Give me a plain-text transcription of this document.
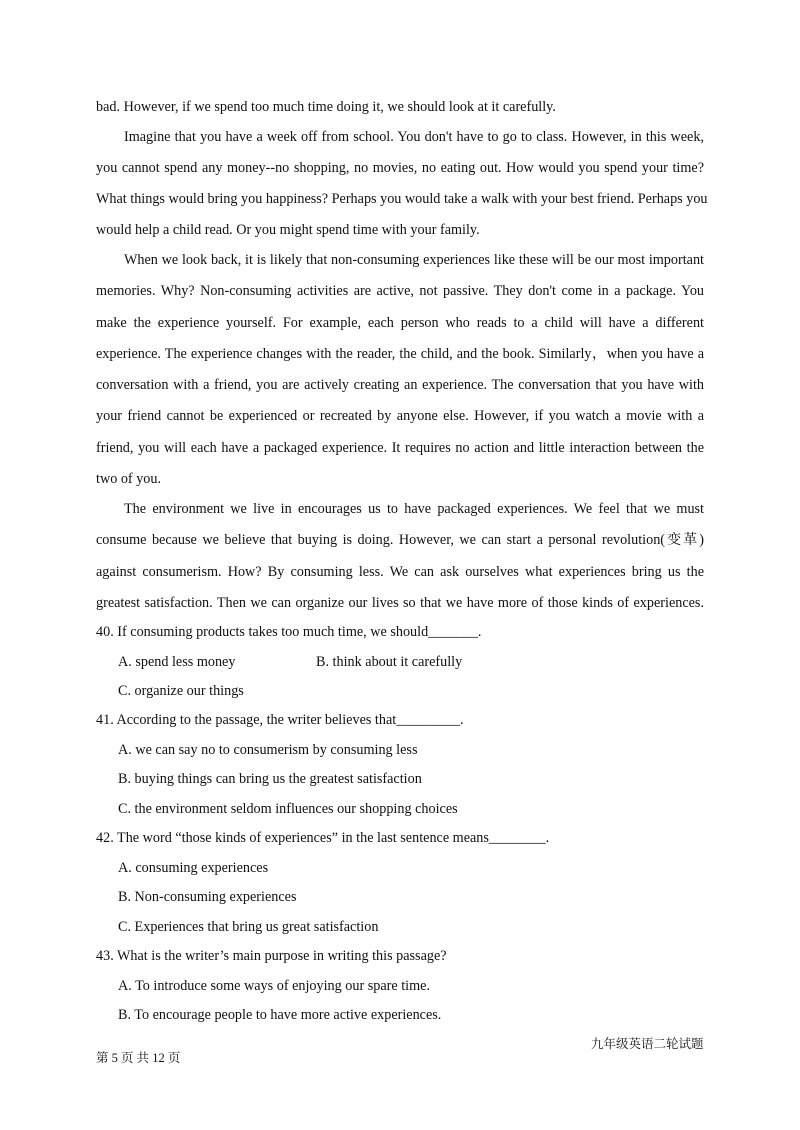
bad. However, if we spend too much time doing it, we should look at it carefully.
Imagine that you have a week off from school. You don't have to go to class. However, in this week,
you cannot spend any money--no shopping, no movies, no eating out. How would you spend your time?
What things would bring you happiness? Perhaps you would take a walk with your best friend. Perhaps you
would help a child read. Or you might spend time with your family.
When we look back, it is likely that non-consuming experiences like these will be our most important
memories. Why? Non-consuming activities are active, not passive. They don't come in a package. You
make the experience yourself. For example, each person who reads to a child will have a different
experience. The experience changes with the reader, the child, and the book. Similarly，when you have a
conversation with a friend, you are actively creating an experience. The conversation that you have with
your friend cannot be experienced or recreated by anyone else. However, if you watch a movie with a
friend, you will each have a packaged experience. It requires no action and little interaction between the
two of you.
The environment we live in encourages us to have packaged experiences. We feel that we must
consume because we believe that buying is doing. However, we can start a personal revolution(变革)
against consumerism. How? By consuming less. We can ask ourselves what experiences bring us the
greatest satisfaction. Then we can organize our lives so that we have more of those kinds of experiences.
40. If consuming products takes too much time, we should_______.
A. spend less money	B. think about it carefully
C. organize our things
41. According to the passage, the writer believes that_________.
A. we can say no to consumerism by consuming less
B. buying things can bring us the greatest satisfaction
C. the environment seldom influences our shopping choices
42. The word “those kinds of experiences” in the last sentence means________.
A. consuming experiences
B. Non-consuming experiences
C. Experiences that bring us great satisfaction
43. What is the writer’s main purpose in writing this passage?
A. To introduce some ways of enjoying our spare time.
B. To encourage people to have more active experiences.
九年级英语二轮试题
第 5 页 共 12 页
